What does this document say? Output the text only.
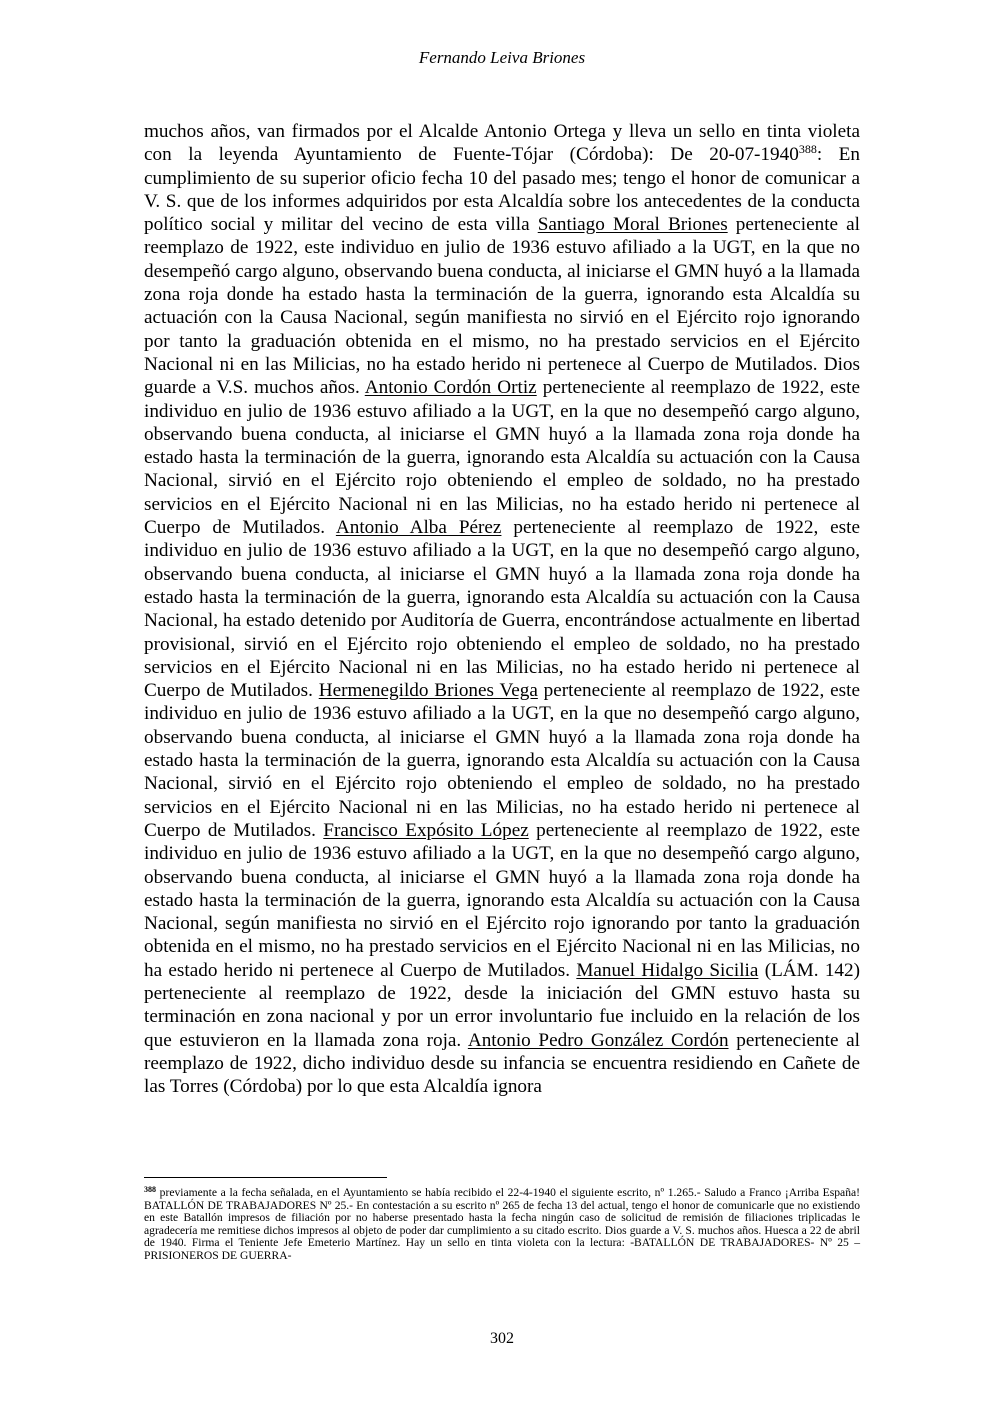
Fernando Leiva Briones
muchos años, van firmados por el Alcalde Antonio Ortega y lleva un sello en tinta violeta con la leyenda Ayuntamiento de Fuente-Tójar (Córdoba): De 20-07-1940$^{388}$: En cumplimiento de su superior oficio fecha 10 del pasado mes; tengo el honor de comunicar a V. S. que de los informes adquiridos por esta Alcaldía sobre los antecedentes de la conducta político social y militar del vecino de esta villa Santiago Moral Briones perteneciente al reemplazo de 1922, este individuo en julio de 1936 estuvo afiliado a la UGT, en la que no desempeñó cargo alguno, observando buena conducta, al iniciarse el GMN huyó a la llamada zona roja donde ha estado hasta la terminación de la guerra, ignorando esta Alcaldía su actuación con la Causa Nacional, según manifiesta no sirvió en el Ejército rojo ignorando por tanto la graduación obtenida en el mismo, no ha prestado servicios en el Ejército Nacional ni en las Milicias, no ha estado herido ni pertenece al Cuerpo de Mutilados. Dios guarde a V.S. muchos años. Antonio Cordón Ortiz perteneciente al reemplazo de 1922, este individuo en julio de 1936 estuvo afiliado a la UGT, en la que no desempeñó cargo alguno, observando buena conducta, al iniciarse el GMN huyó a la llamada zona roja donde ha estado hasta la terminación de la guerra, ignorando esta Alcaldía su actuación con la Causa Nacional, sirvió en el Ejército rojo obteniendo el empleo de soldado, no ha prestado servicios en el Ejército Nacional ni en las Milicias, no ha estado herido ni pertenece al Cuerpo de Mutilados. Antonio Alba Pérez perteneciente al reemplazo de 1922, este individuo en julio de 1936 estuvo afiliado a la UGT, en la que no desempeñó cargo alguno, observando buena conducta, al iniciarse el GMN huyó a la llamada zona roja donde ha estado hasta la terminación de la guerra, ignorando esta Alcaldía su actuación con la Causa Nacional, ha estado detenido por Auditoría de Guerra, encontrándose actualmente en libertad provisional, sirvió en el Ejército rojo obteniendo el empleo de soldado, no ha prestado servicios en el Ejército Nacional ni en las Milicias, no ha estado herido ni pertenece al Cuerpo de Mutilados. Hermenegildo Briones Vega perteneciente al reemplazo de 1922, este individuo en julio de 1936 estuvo afiliado a la UGT, en la que no desempeñó cargo alguno, observando buena conducta, al iniciarse el GMN huyó a la llamada zona roja donde ha estado hasta la terminación de la guerra, ignorando esta Alcaldía su actuación con la Causa Nacional, sirvió en el Ejército rojo obteniendo el empleo de soldado, no ha prestado servicios en el Ejército Nacional ni en las Milicias, no ha estado herido ni pertenece al Cuerpo de Mutilados. Francisco Expósito López perteneciente al reemplazo de 1922, este individuo en julio de 1936 estuvo afiliado a la UGT, en la que no desempeñó cargo alguno, observando buena conducta, al iniciarse el GMN huyó a la llamada zona roja donde ha estado hasta la terminación de la guerra, ignorando esta Alcaldía su actuación con la Causa Nacional, según manifiesta no sirvió en el Ejército rojo ignorando por tanto la graduación obtenida en el mismo, no ha prestado servicios en el Ejército Nacional ni en las Milicias, no ha estado herido ni pertenece al Cuerpo de Mutilados. Manuel Hidalgo Sicilia (LÁM. 142) perteneciente al reemplazo de 1922, desde la iniciación del GMN estuvo hasta su terminación en zona nacional y por un error involuntario fue incluido en la relación de los que estuvieron en la llamada zona roja. Antonio Pedro González Cordón perteneciente al reemplazo de 1922, dicho individuo desde su infancia se encuentra residiendo en Cañete de las Torres (Córdoba) por lo que esta Alcaldía ignora
$^{388}$ previamente a la fecha señalada, en el Ayuntamiento se había recibido el 22-4-1940 el siguiente escrito, nº 1.265.- Saludo a Franco ¡Arriba España! BATALLÓN DE TRABAJADORES Nº 25.- En contestación a su escrito nº 265 de fecha 13 del actual, tengo el honor de comunicarle que no existiendo en este Batallón impresos de filiación por no haberse presentado hasta la fecha ningún caso de solicitud de remisión de filiaciones triplicadas le agradecería me remitiese dichos impresos al objeto de poder dar cumplimiento a su citado escrito. Dios guarde a V. S. muchos años. Huesca a 22 de abril de 1940. Firma el Teniente Jefe Emeterio Martínez. Hay un sello en tinta violeta con la lectura: -BATALLÓN DE TRABAJADORES- Nº 25 –PRISIONEROS DE GUERRA-
302
